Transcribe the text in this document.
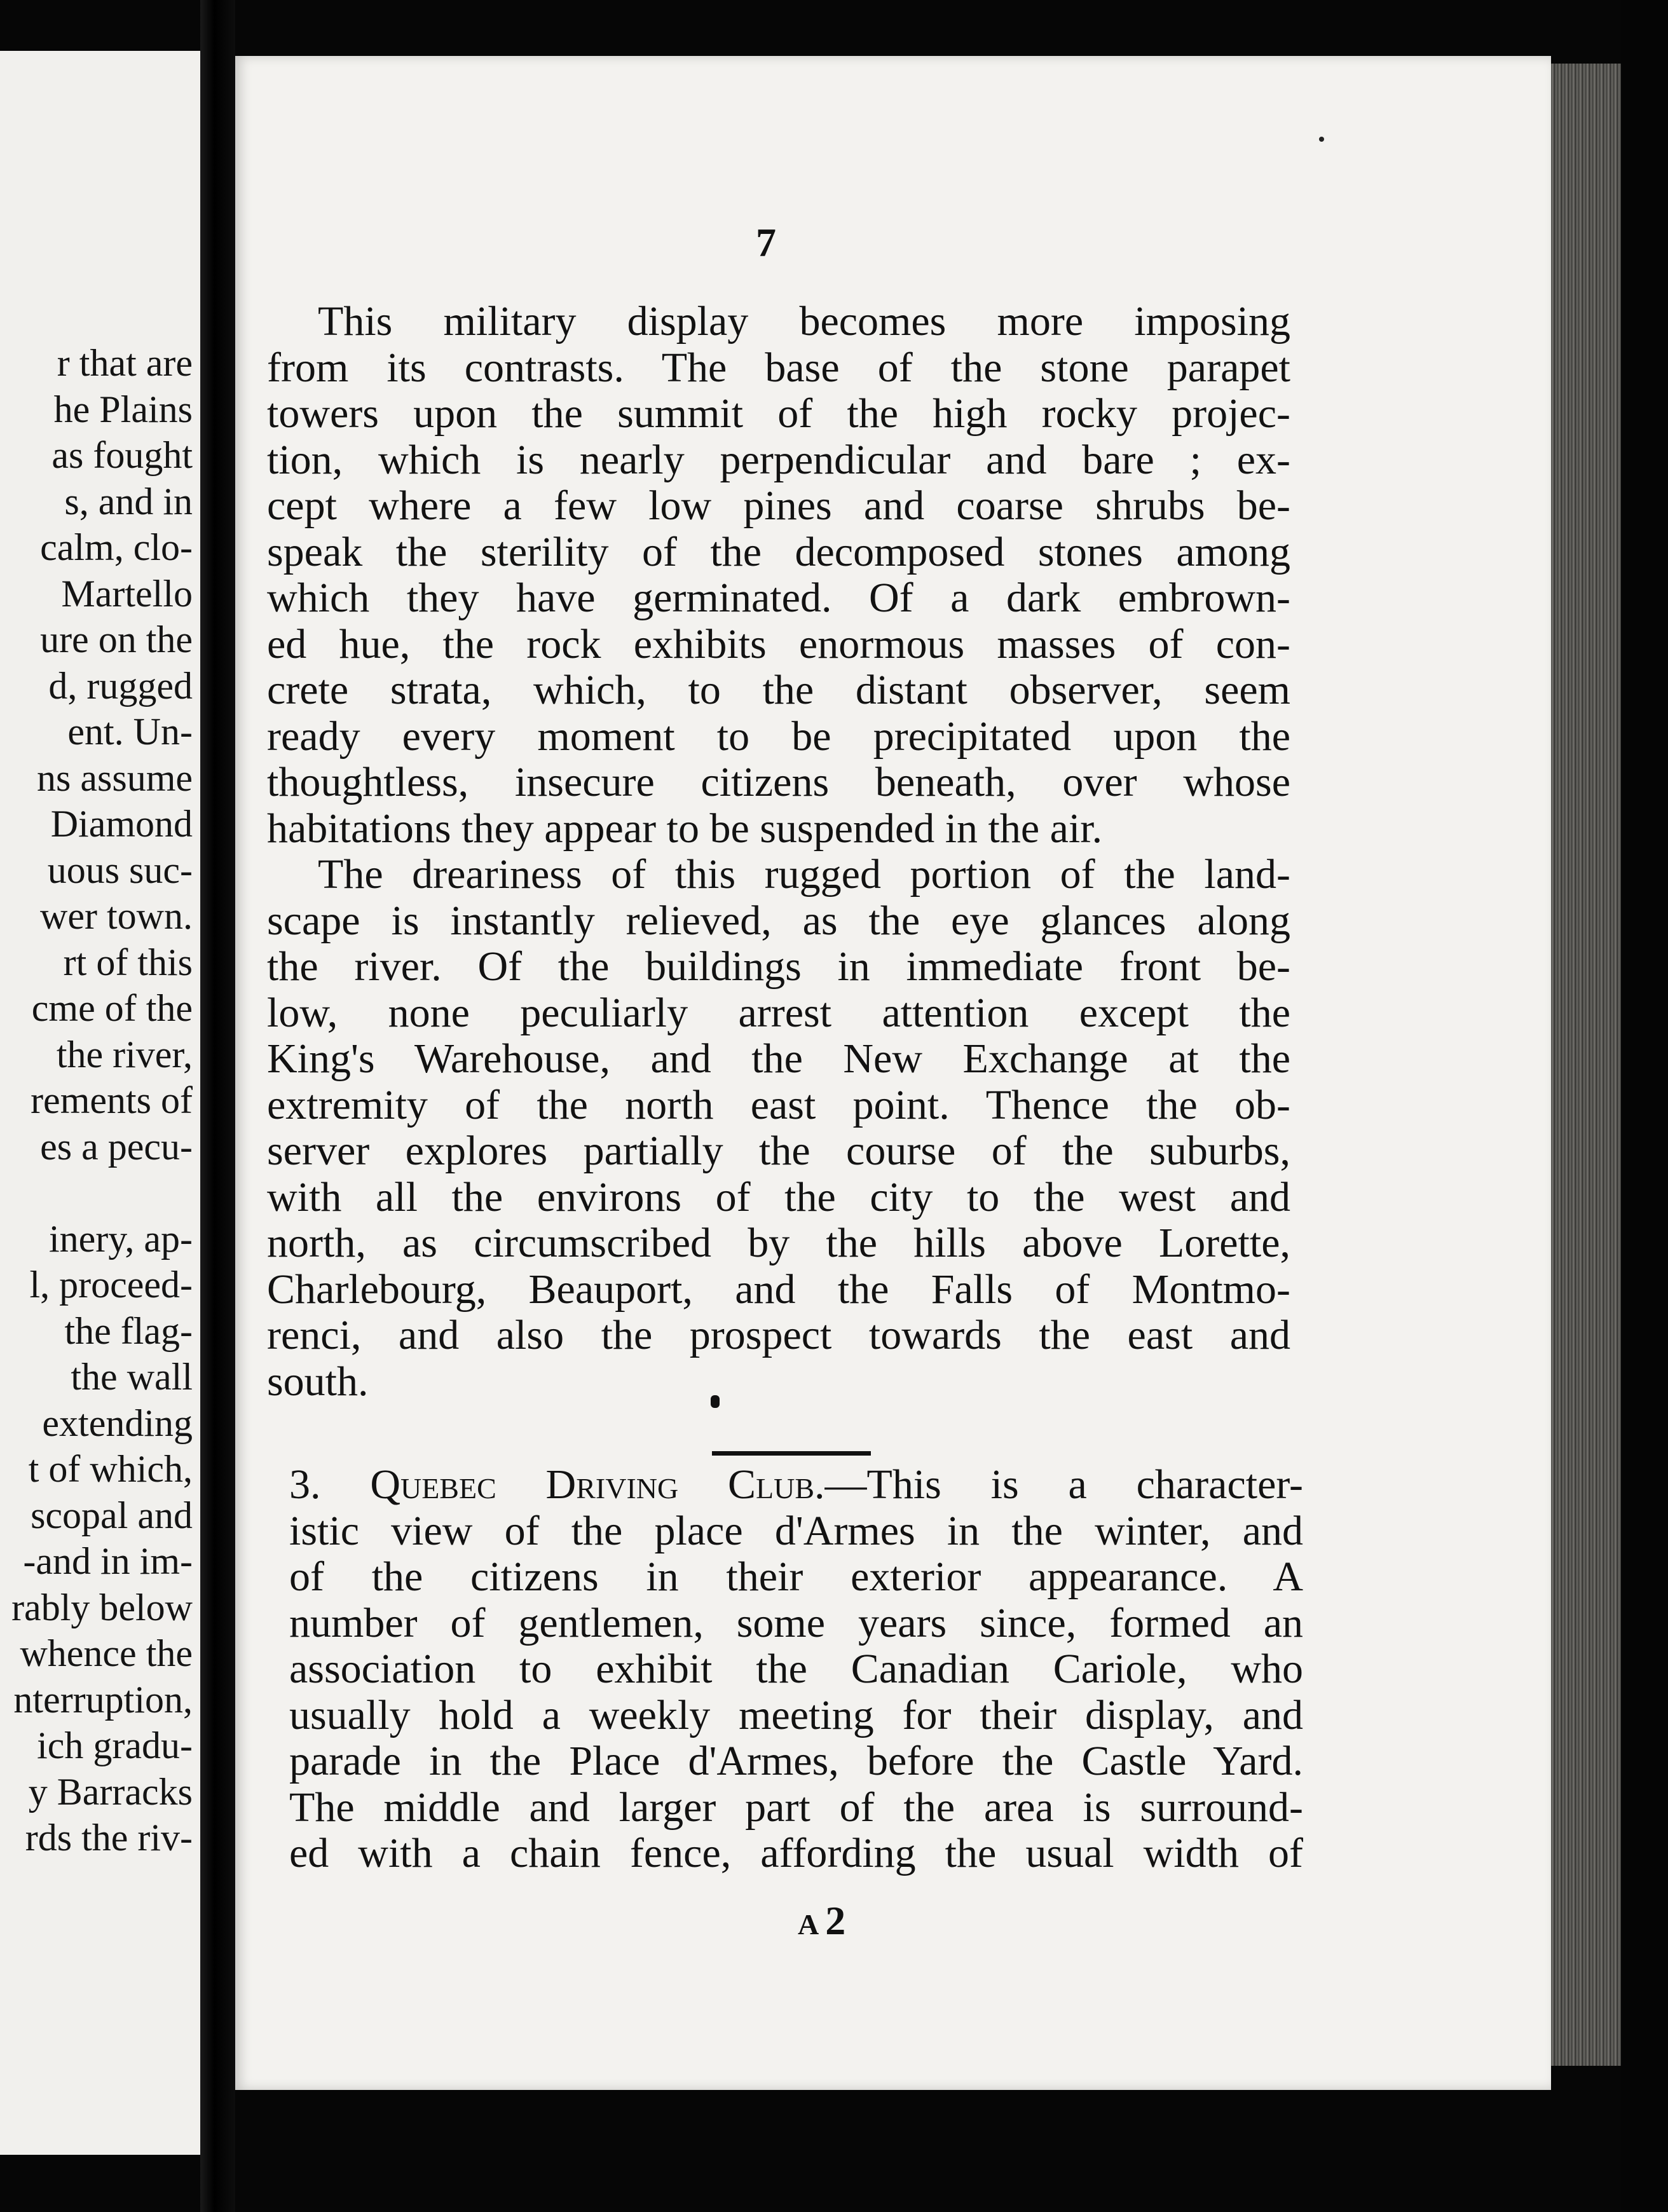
r that are
he Plains
as fought
s, and in
calm, clo-
Martello
ure on the
d, rugged
ent. Un-
ns assume
Diamond
uous suc-
wer town.
rt of this
cme of the
the river,
rements of
es a pecu-
inery, ap-
l, proceed-
the flag-
the wall
extending
t of which,
scopal and
-and in im-
rably below
whence the
nterruption,
ich gradu-
y Barracks
rds the riv-
7

This military display becomes more imposing
from its contrasts. The base of the stone parapet
towers upon the summit of the high rocky projec-
tion, which is nearly perpendicular and bare ; ex-
cept where a few low pines and coarse shrubs be-
speak the sterility of the decomposed stones among
which they have germinated. Of a dark embrown-
ed hue, the rock exhibits enormous masses of con-
crete strata, which, to the distant observer, seem
ready every moment to be precipitated upon the
thoughtless, insecure citizens beneath, over whose
habitations they appear to be suspended in the air.

The dreariness of this rugged portion of the land-
scape is instantly relieved, as the eye glances along
the river. Of the buildings in immediate front be-
low, none peculiarly arrest attention except the
King's Warehouse, and the New Exchange at the
extremity of the north east point. Thence the ob-
server explores partially the course of the suburbs,
with all the environs of the city to the west and
north, as circumscribed by the hills above Lorette,
Charlebourg, Beauport, and the Falls of Montmo-
renci, and also the prospect towards the east and
south.

3. Quebec Driving Club.—This is a character-
istic view of the place d'Armes in the winter, and
of the citizens in their exterior appearance. A
number of gentlemen, some years since, formed an
association to exhibit the Canadian Cariole, who
usually hold a weekly meeting for their display, and
parade in the Place d'Armes, before the Castle Yard.
The middle and larger part of the area is surround-
ed with a chain fence, affording the usual width of
A2
